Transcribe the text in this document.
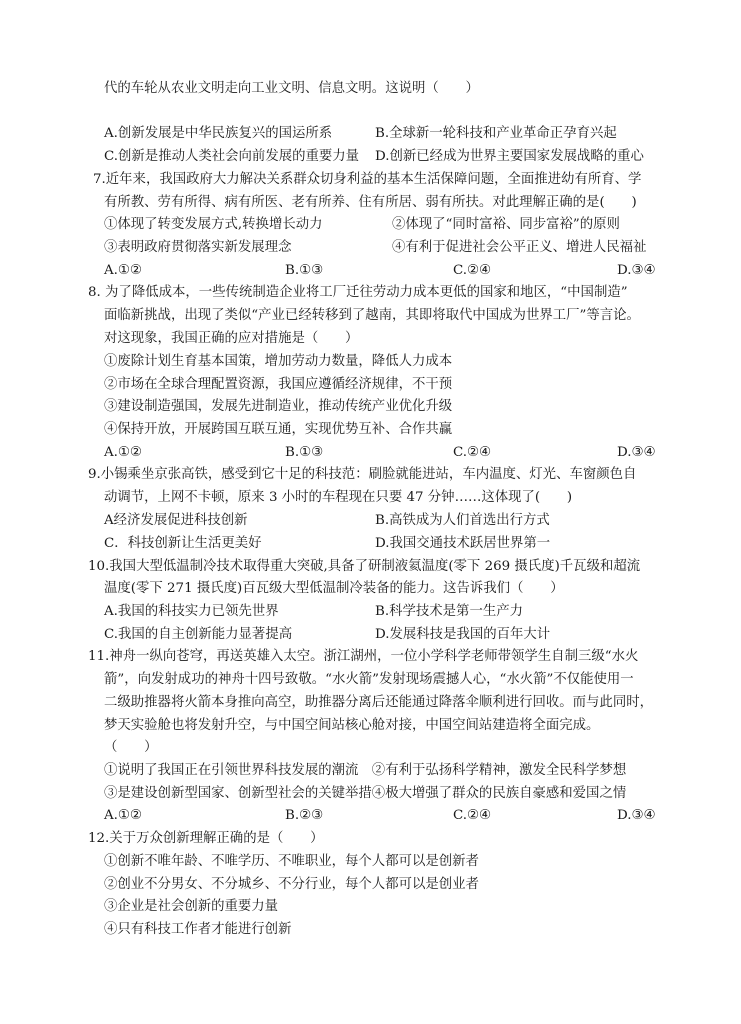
代的车轮从农业文明走向工业文明、信息文明。这说明（　　）
A.创新发展是中华民族复兴的国运所系	B.全球新一轮科技和产业革命正孕育兴起
C.创新是推动人类社会向前发展的重要力量 D.创新已经成为世界主要国家发展战略的重心
7.近年来，我国政府大力解决关系群众切身利益的基本生活保障问题，全面推进幼有所育、学
有所教、劳有所得、病有所医、老有所养、住有所居、弱有所扶。对此理解正确的是(　　)
①体现了转变发展方式,转换增长动力	②体现了“同时富裕、同步富裕”的原则
③表明政府贯彻落实新发展理念	④有利于促进社会公平正义、增进人民福祉
A.①②	B.①③	C.②④	D.③④
8. 为了降低成本，一些传统制造企业将工厂迁往劳动力成本更低的国家和地区，“中国制造”
面临新挑战，出现了类似“产业已经转移到了越南，其即将取代中国成为世界工厂”等言论。
对这现象，我国正确的应对措施是（　　）
①废除计划生育基本国策，增加劳动力数量，降低人力成本
②市场在全球合理配置资源，我国应遵循经济规律，不干预
③建设制造强国，发展先进制造业，推动传统产业优化升级
④保持开放，开展跨国互联互通，实现优势互补、合作共赢
A.①②	B.①③	C.②④	D.③④
9.小锡乘坐京张高铁，感受到它十足的科技范：刷脸就能进站，车内温度、灯光、车窗颜色自
动调节，上网不卡顿，原来 3 小时的车程现在只要 47 分钟……这体现了(　　)
A经济发展促进科技创新	B.高铁成为人们首选出行方式
C．科技创新让生活更美好	D.我国交通技术跃居世界第一
10.我国大型低温制冷技术取得重大突破,具备了研制液氦温度(零下 269 摄氏度)千瓦级和超流
温度(零下 271 摄氏度)百瓦级大型低温制冷装备的能力。这告诉我们（　　）
A.我国的科技实力已领先世界	B.科学技术是第一生产力
C.我国的自主创新能力显著提高	D.发展科技是我国的百年大计
11.神舟一纵向苍穹，再送英雄入太空。浙江湖州，一位小学科学老师带领学生自制三级“水火
箭”，向发射成功的神舟十四号致敬。“水火箭”发射现场震撼人心，“水火箭”不仅能使用一
二级助推器将火箭本身推向高空，助推器分离后还能通过降落伞顺利进行回收。而与此同时，
梦天实验舱也将发射升空，与中国空间站核心舱对接，中国空间站建造将全面完成。
（　　）
①说明了我国正在引领世界科技发展的潮流　②有利于弘扬科学精神，激发全民科学梦想
③是建设创新型国家、创新型社会的关键举措④极大增强了群众的民族自豪感和爱国之情
A.①②	B.②③	C.②④	D.③④
12.关于万众创新理解正确的是（　　）
①创新不唯年龄、不唯学历、不唯职业，每个人都可以是创新者
②创业不分男女、不分城乡、不分行业，每个人都可以是创业者
③企业是社会创新的重要力量
④只有科技工作者才能进行创新
